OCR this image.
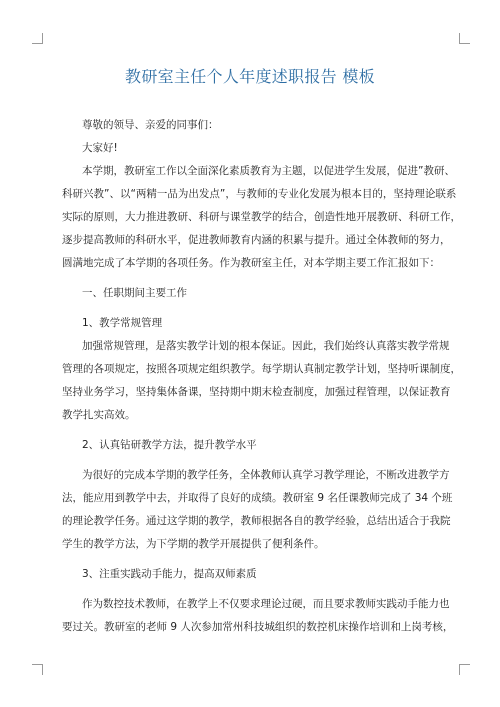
教研室主任个人年度述职报告 模板
尊敬的领导、亲爱的同事们：
大家好!
本学期，教研室工作以全面深化素质教育为主题，以促进学生发展，促进”教研、
科研兴教”、以“两精一品为出发点”，与教师的专业化发展为根本目的，坚持理论联系
实际的原则，大力推进教研、科研与课堂教学的结合，创造性地开展教研、科研工作，
逐步提高教师的科研水平，促进教师教育内涵的积累与提升。通过全体教师的努力，
圆满地完成了本学期的各项任务。作为教研室主任，对本学期主要工作汇报如下：
一、任职期间主要工作
1、教学常规管理
加强常规管理，是落实教学计划的根本保证。因此，我们始终认真落实教学常规
管理的各项规定，按照各项规定组织教学。每学期认真制定教学计划，坚持听课制度，
坚持业务学习，坚持集体备课，坚持期中期末检查制度，加强过程管理，以保证教育
教学扎实高效。
2、认真钻研教学方法，提升教学水平
为很好的完成本学期的教学任务，全体教师认真学习教学理论，不断改进教学方
法，能应用到教学中去，并取得了良好的成绩。教研室 9 名任课教师完成了 34 个班
的理论教学任务。通过这学期的教学，教师根据各自的教学经验，总结出适合于我院
学生的教学方法，为下学期的教学开展提供了便利条件。
3、注重实践动手能力，提高双师素质
作为数控技术教师，在教学上不仅要求理论过硬，而且要求教师实践动手能力也
要过关。教研室的老师 9 人次参加常州科技城组织的数控机床操作培训和上岗考核，
